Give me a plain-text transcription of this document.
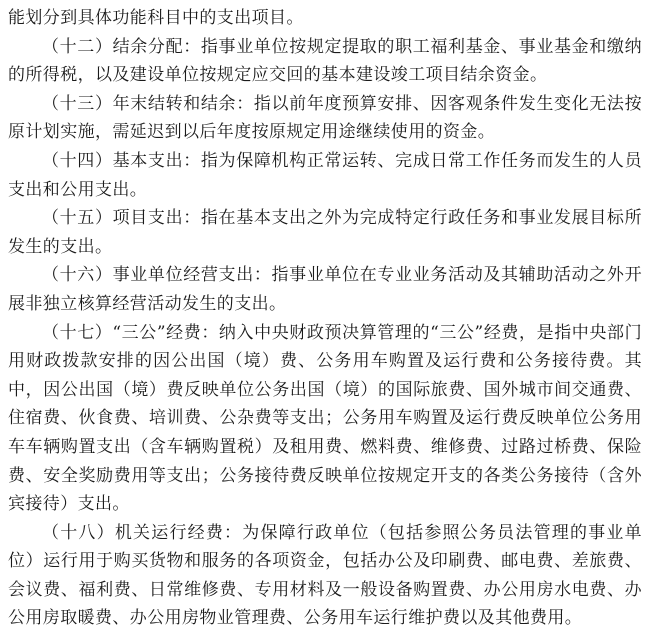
能划分到具体功能科目中的支出项目。

（十二）结余分配：指事业单位按规定提取的职工福利基金、事业基金和缴纳的所得税，以及建设单位按规定应交回的基本建设竣工项目结余资金。

（十三）年末结转和结余：指以前年度预算安排、因客观条件发生变化无法按原计划实施，需延迟到以后年度按原规定用途继续使用的资金。

（十四）基本支出：指为保障机构正常运转、完成日常工作任务而发生的人员支出和公用支出。

（十五）项目支出：指在基本支出之外为完成特定行政任务和事业发展目标所发生的支出。

（十六）事业单位经营支出：指事业单位在专业业务活动及其辅助活动之外开展非独立核算经营活动发生的支出。

（十七）“三公”经费：纳入中央财政预决算管理的“三公”经费，是指中央部门用财政拨款安排的因公出国（境）费、公务用车购置及运行费和公务接待费。其中，因公出国（境）费反映单位公务出国（境）的国际旅费、国外城市间交通费、住宿费、伙食费、培训费、公杂费等支出；公务用车购置及运行费反映单位公务用车车辆购置支出（含车辆购置税）及租用费、燃料费、维修费、过路过桥费、保险费、安全奖励费用等支出；公务接待费反映单位按规定开支的各类公务接待（含外宾接待）支出。

（十八）机关运行经费：为保障行政单位（包括参照公务员法管理的事业单位）运行用于购买货物和服务的各项资金，包括办公及印刷费、邮电费、差旅费、会议费、福利费、日常维修费、专用材料及一般设备购置费、办公用房水电费、办公用房取暖费、办公用房物业管理费、公务用车运行维护费以及其他费用。
